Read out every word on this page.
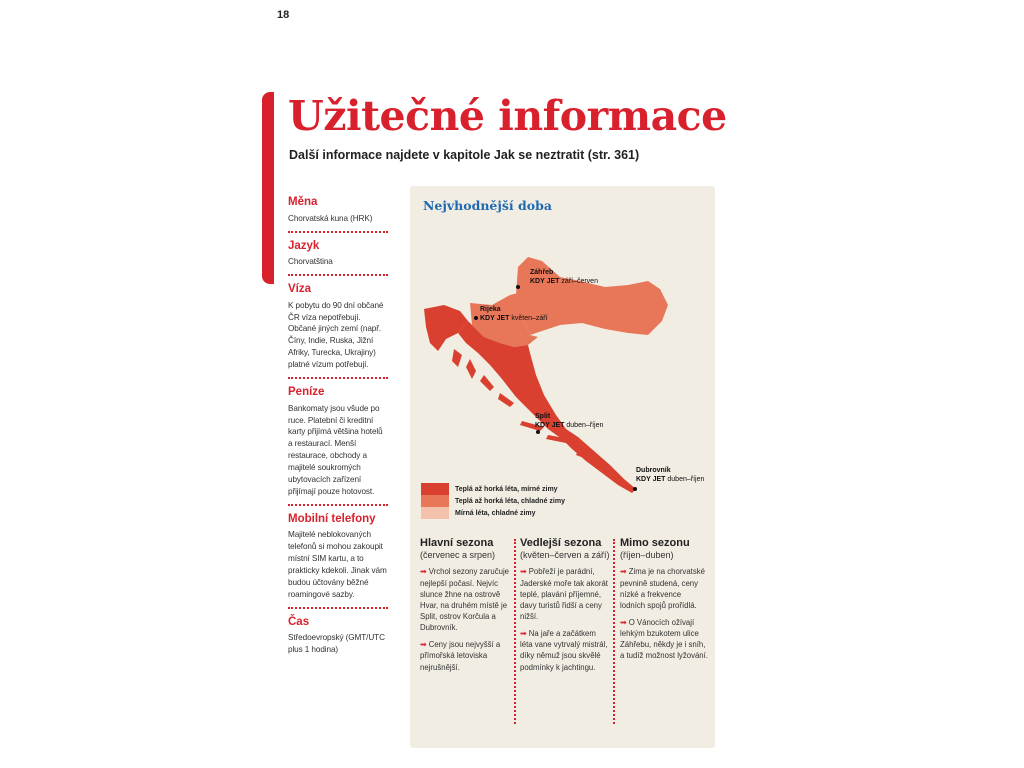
18
Užitečné informace
Další informace najdete v kapitole Jak se neztratit (str. 361)
Měna
Chorvatská kuna (HRK)
Jazyk
Chorvatština
Víza
K pobytu do 90 dní občané ČR víza nepotřebují. Občané jiných zemí (např. Číny, Indie, Ruska, Jižní Afriky, Turecka, Ukrajiny) platné vízum potřebují.
Peníze
Bankomaty jsou všude po ruce. Platební či kreditní karty přijímá většina hotelů a restaurací. Menší restaurace, obchody a majitelé soukromých ubytovacích zařízení přijímají pouze hotovost.
Mobilní telefony
Majitelé neblokovaných telefonů si mohou zakoupit místní SIM kartu, a to prakticky kdekoli. Jinak vám budou účtovány běžné roamingové sazby.
Čas
Středoevropský (GMT/UTC plus 1 hodina)
Nejvhodnější doba
Záhřeb
KDY JET září–červen
Rijeka
KDY JET květen–září
Split
KDY JET duben–říjen
Dubrovník
KDY JET duben–říjen
Teplá až horká léta, mírné zimy
Teplá až horká léta, chladné zimy
Mírná léta, chladné zimy
Hlavní sezona
(červenec a srpen)
➡ Vrchol sezony zaručuje nejlepší počasí. Nejvíc slunce žhne na ostrově Hvar, na druhém místě je Split, ostrov Korčula a Dubrovník.
➡ Ceny jsou nejvyšší a přímořská letoviska nejrušnější.
Vedlejší sezona
(květen–červen a září)
➡ Pobřeží je parádní, Jaderské moře tak akorát teplé, plavání příjemné, davy turistů řidší a ceny nižší.
➡ Na jaře a začátkem léta vane vytrvalý mistrál, díky němuž jsou skvělé podmínky k jachtingu.
Mimo sezonu
(říjen–duben)
➡ Zima je na chorvatské pevnině studená, ceny nízké a frekvence lodních spojů prořídlá.
➡ O Vánocích ožívají lehkým bzukotem ulice Záhřebu, někdy je i sníh, a tudíž možnost lyžování.
